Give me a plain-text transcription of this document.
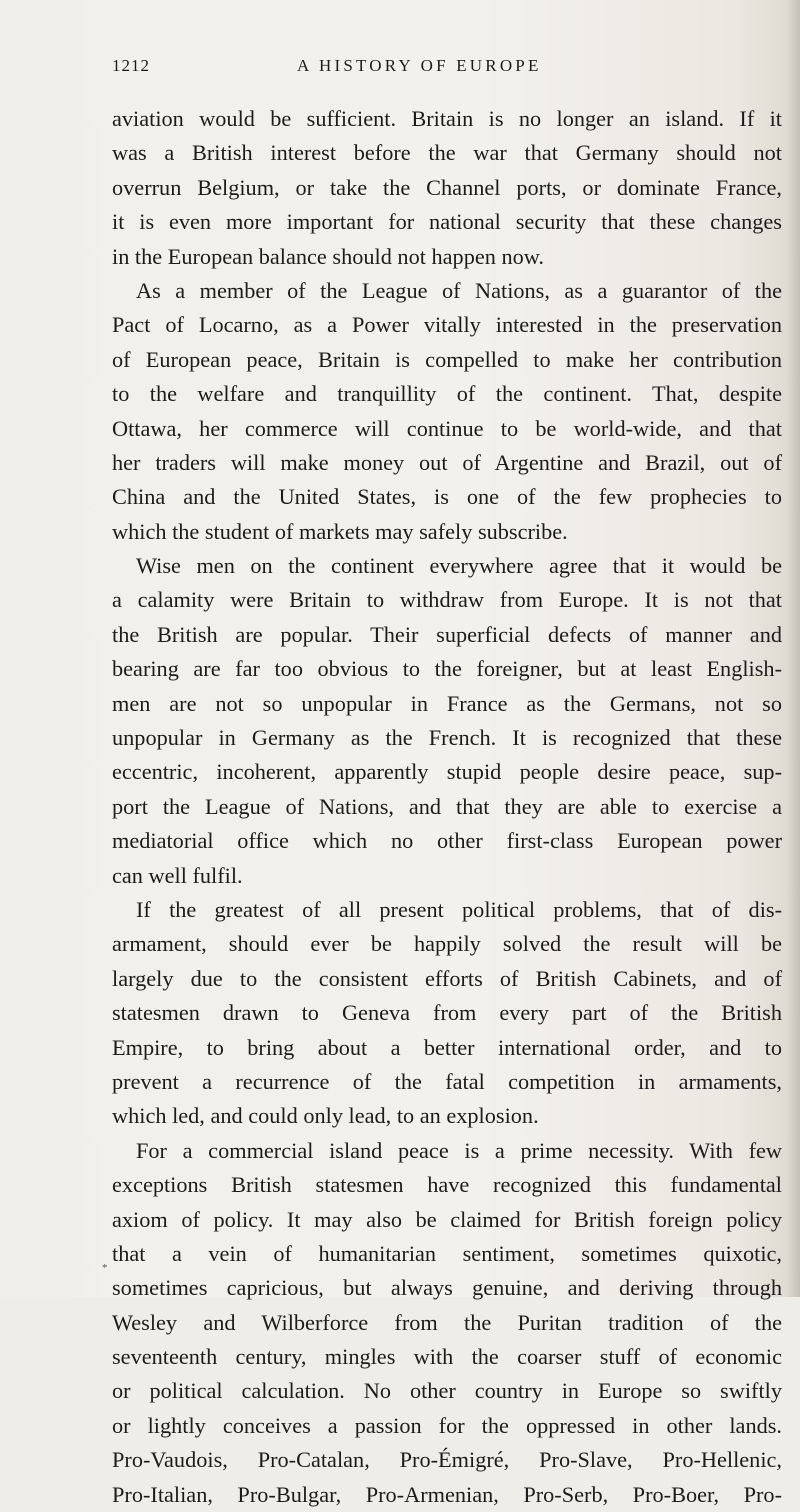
1212	A HISTORY OF EUROPE
aviation would be sufficient. Britain is no longer an island. If it
was a British interest before the war that Germany should not
overrun Belgium, or take the Channel ports, or dominate France,
it is even more important for national security that these changes
in the European balance should not happen now.
As a member of the League of Nations, as a guarantor of the
Pact of Locarno, as a Power vitally interested in the preservation
of European peace, Britain is compelled to make her contribution
to the welfare and tranquillity of the continent. That, despite
Ottawa, her commerce will continue to be world-wide, and that
her traders will make money out of Argentine and Brazil, out of
China and the United States, is one of the few prophecies to
which the student of markets may safely subscribe.
Wise men on the continent everywhere agree that it would be
a calamity were Britain to withdraw from Europe. It is not that
the British are popular. Their superficial defects of manner and
bearing are far too obvious to the foreigner, but at least English-
men are not so unpopular in France as the Germans, not so
unpopular in Germany as the French. It is recognized that these
eccentric, incoherent, apparently stupid people desire peace, sup-
port the League of Nations, and that they are able to exercise a
mediatorial office which no other first-class European power
can well fulfil.
If the greatest of all present political problems, that of dis-
armament, should ever be happily solved the result will be
largely due to the consistent efforts of British Cabinets, and of
statesmen drawn to Geneva from every part of the British
Empire, to bring about a better international order, and to
prevent a recurrence of the fatal competition in armaments,
which led, and could only lead, to an explosion.
For a commercial island peace is a prime necessity. With few
exceptions British statesmen have recognized this fundamental
axiom of policy. It may also be claimed for British foreign policy
that a vein of humanitarian sentiment, sometimes quixotic,
sometimes capricious, but always genuine, and deriving through
Wesley and Wilberforce from the Puritan tradition of the
seventeenth century, mingles with the coarser stuff of economic
or political calculation. No other country in Europe so swiftly
or lightly conceives a passion for the oppressed in other lands.
Pro-Vaudois, Pro-Catalan, Pro-Émigré, Pro-Slave, Pro-Hellenic,
Pro-Italian, Pro-Bulgar, Pro-Armenian, Pro-Serb, Pro-Boer, Pro-
*
